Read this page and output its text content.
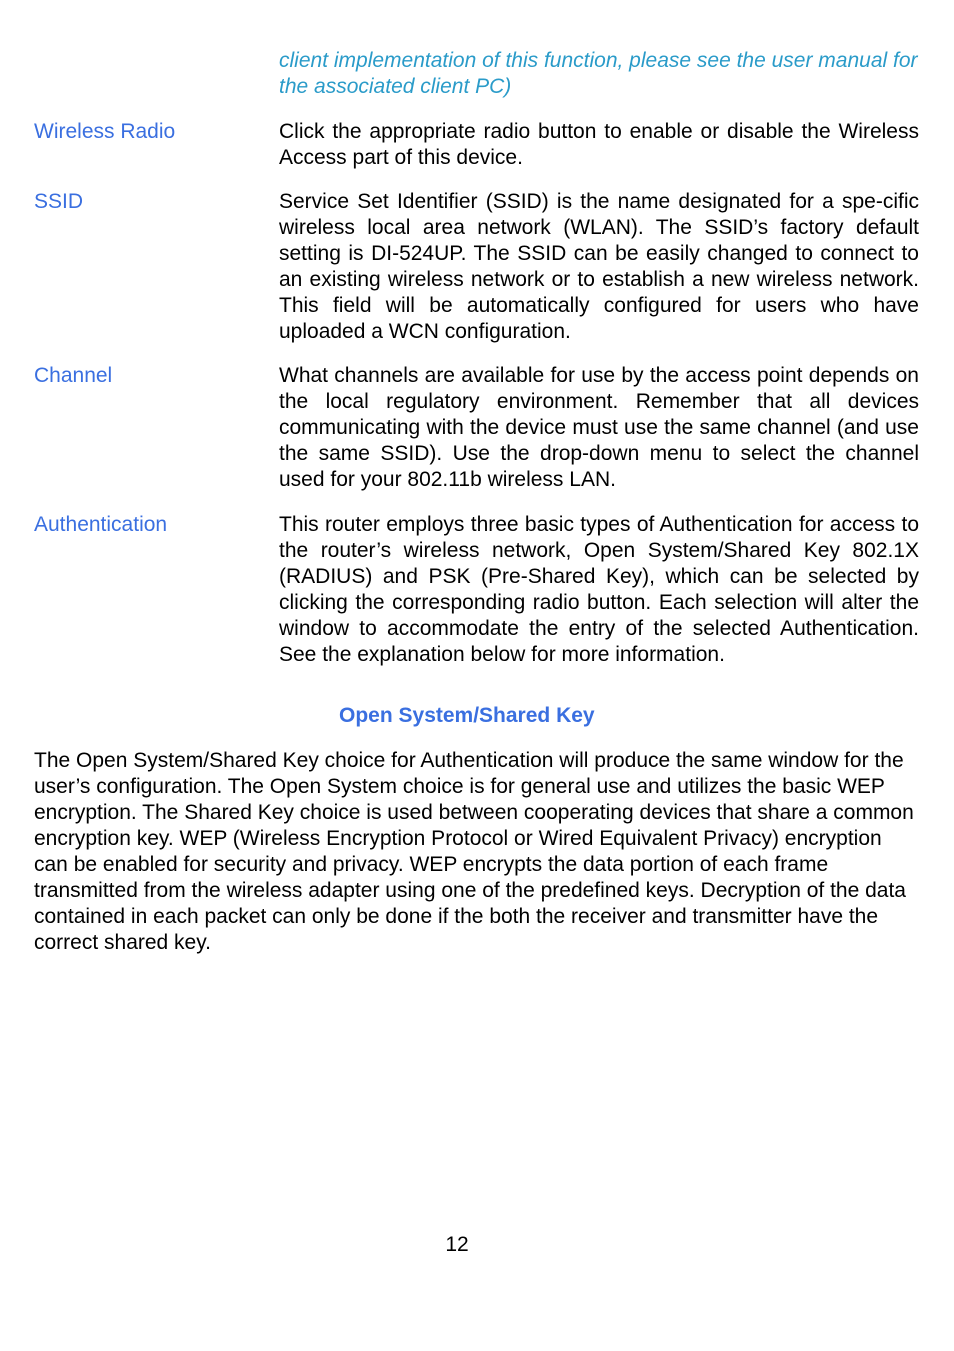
client implementation of this function, please see the user manual for the associated client PC)
Wireless Radio	Click the appropriate radio button to enable or disable the Wireless Access part of this device.
SSID	Service Set Identifier (SSID) is the name designated for a spe-cific wireless local area network (WLAN). The SSID’s factory default setting is DI-524UP. The SSID can be easily changed to connect to an existing wireless network or to establish a new wireless network. This field will be automatically configured for users who have uploaded a WCN configuration.
Channel	What channels are available for use by the access point depends on the local regulatory environment. Remember that all devices communicating with the device must use the same channel (and use the same SSID). Use the drop-down menu to select the channel used for your 802.11b wireless LAN.
Authentication	This router employs three basic types of Authentication for access to the router’s wireless network, Open System/Shared Key 802.1X (RADIUS) and PSK (Pre-Shared Key), which can be selected by clicking the corresponding radio button. Each selection will alter the window to accommodate the entry of the selected Authentication. See the explanation below for more information.
Open System/Shared Key
The Open System/Shared Key choice for Authentication will produce the same window for the user’s configuration. The Open System choice is for general use and utilizes the basic WEP encryption. The Shared Key choice is used between cooperating devices that share a common encryption key. WEP (Wireless Encryption Protocol or Wired Equivalent Privacy) encryption can be enabled for security and privacy. WEP encrypts the data portion of each frame transmitted from the wireless adapter using one of the predefined keys. Decryption of the data contained in each packet can only be done if the both the receiver and transmitter have the correct shared key.
12
